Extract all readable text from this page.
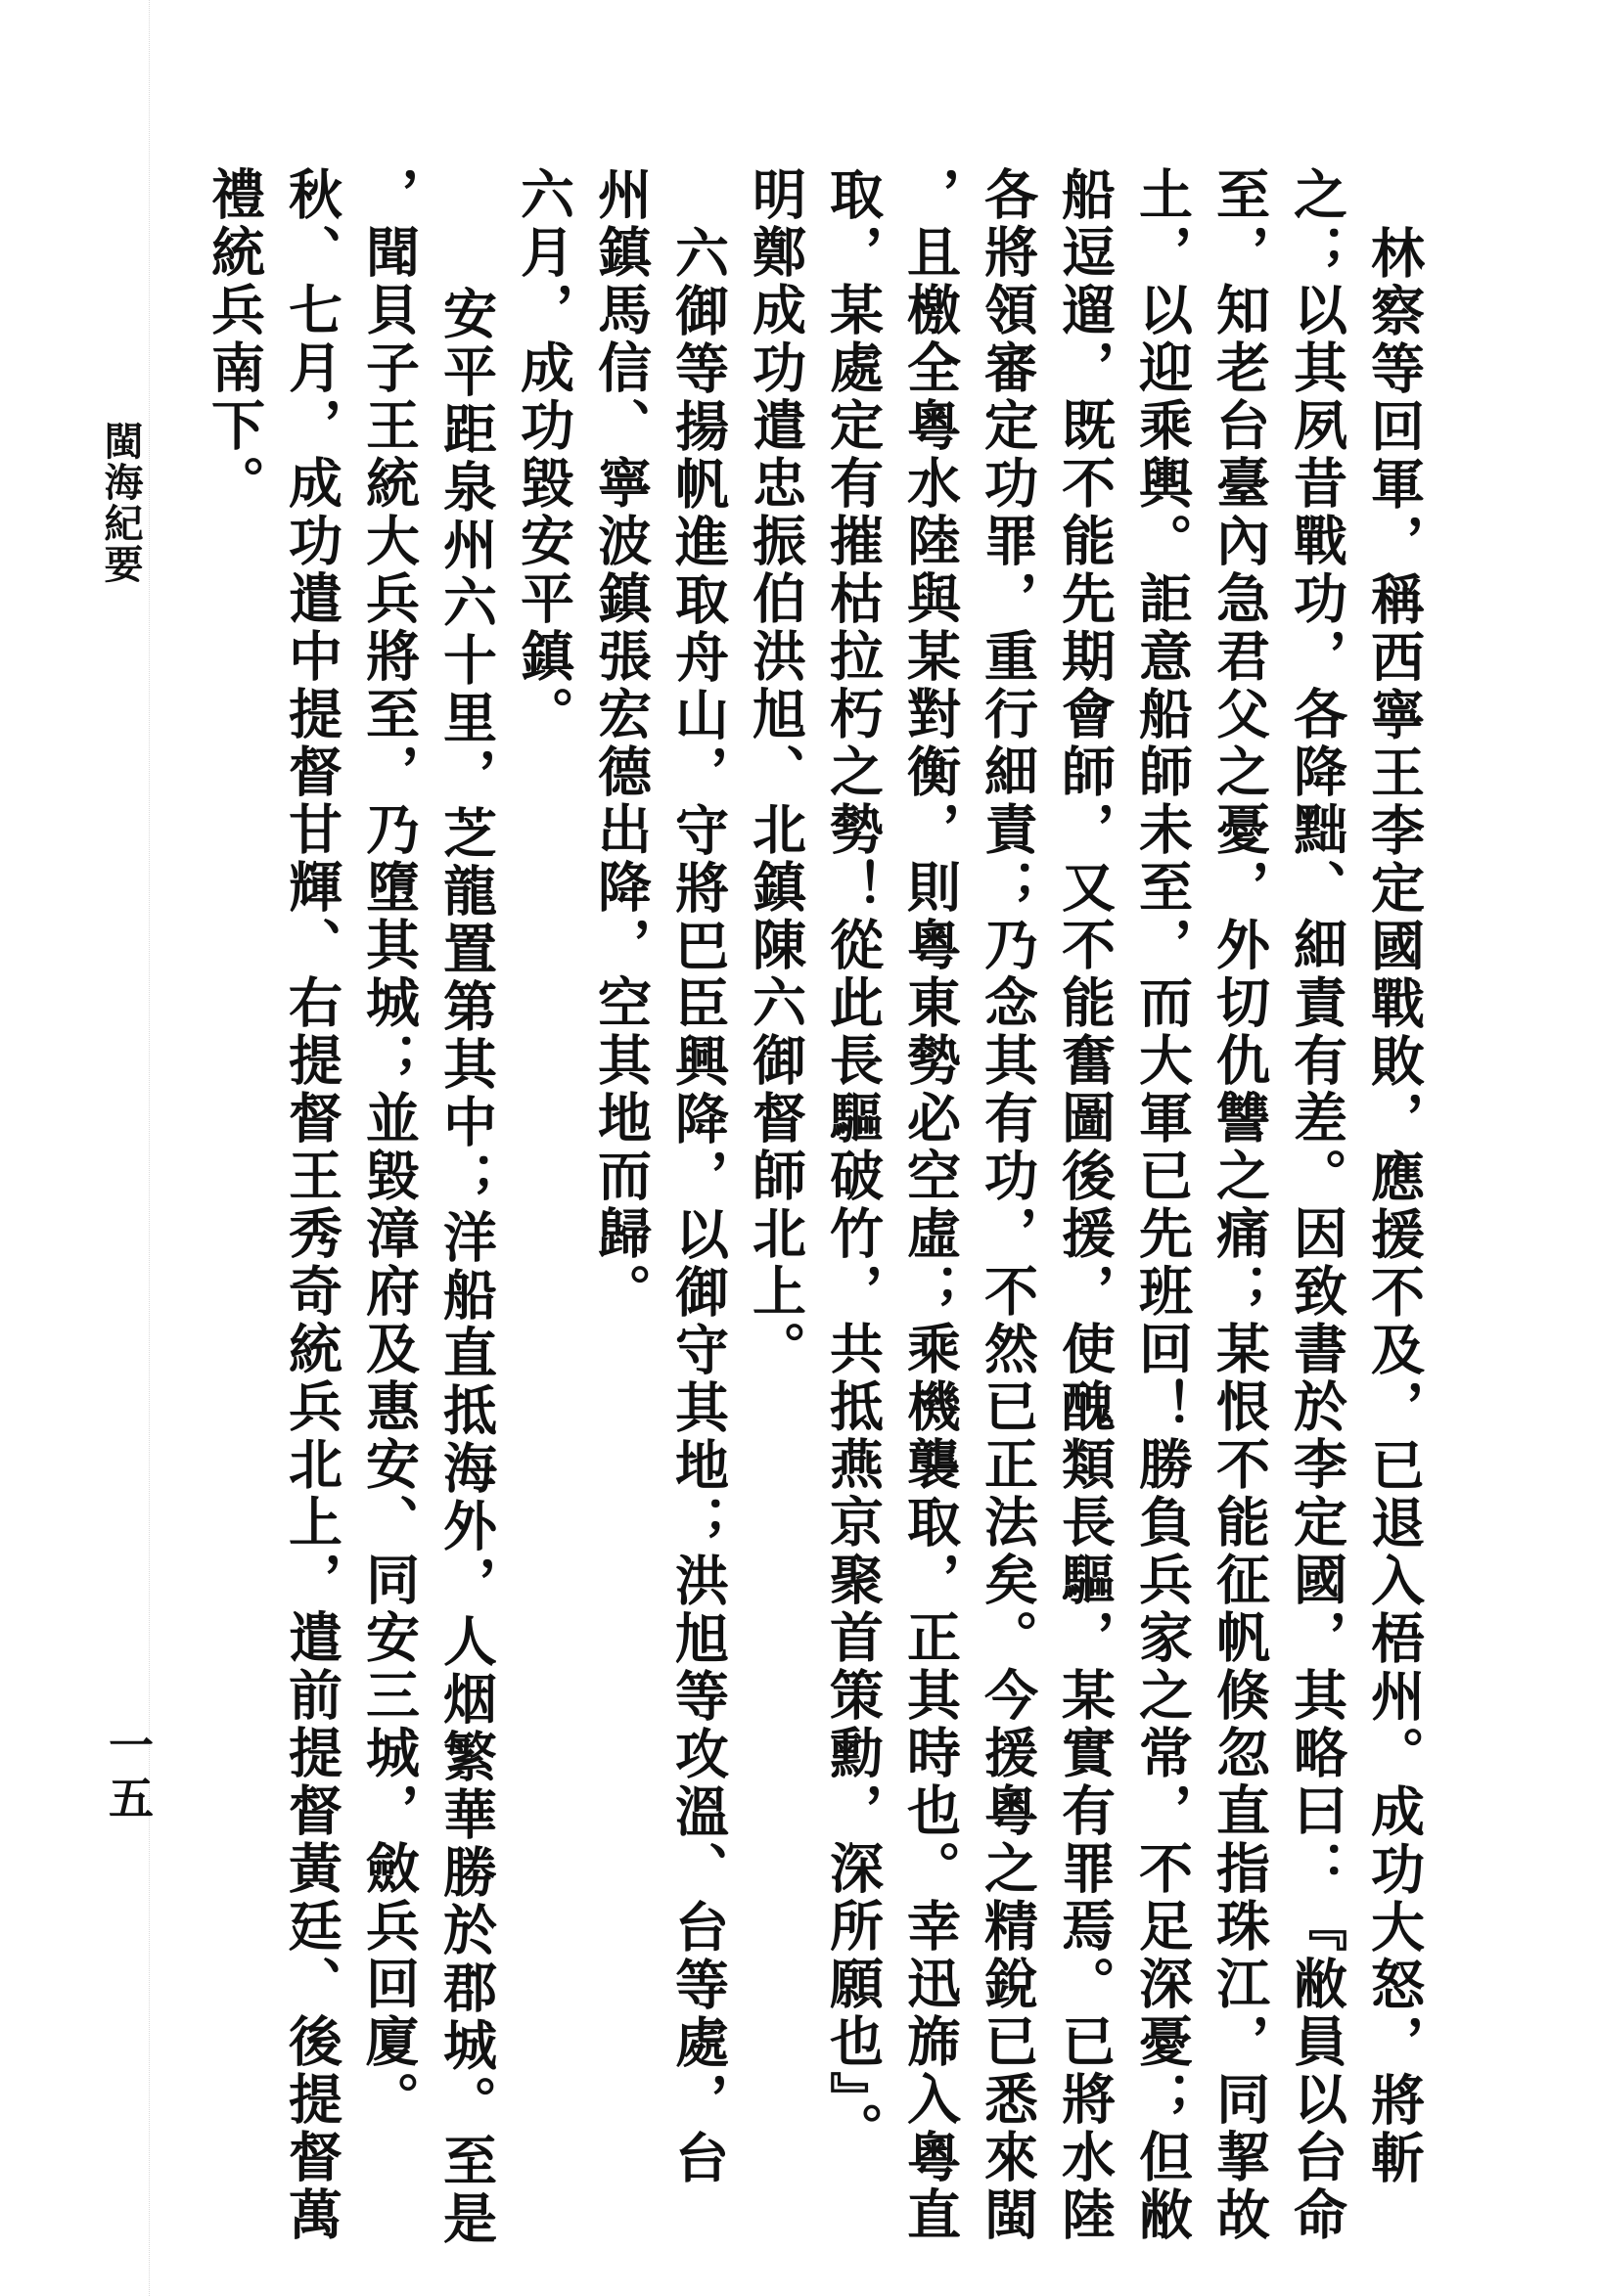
林察等回軍，稱西寧王李定國戰敗，應援不及，已退入梧州。成功大怒，將斬
之；以其夙昔戰功，各降黜、細責有差。因致書於李定國，其略曰：『敝員以台命
至，知老台臺內急君父之憂，外切仇讐之痛；某恨不能征帆倏忽直指珠江，同挈故
土，以迎乘輿。詎意船師未至，而大軍已先班回！勝負兵家之常，不足深憂；但敝
船逗遛，既不能先期會師，又不能奮圖後援，使醜類長驅，某實有罪焉。已將水陸
各將領審定功罪，重行細責；乃念其有功，不然已正法矣。今援粵之精銳已悉來閩
，且檄全粵水陸與某對衡，則粵東勢必空虛；乘機襲取，正其時也。幸迅旆入粵直
取，某處定有摧枯拉朽之勢！從此長驅破竹，共抵燕京聚首策勳，深所願也』。
明鄭成功遣忠振伯洪旭、北鎮陳六御督師北上。
六御等揚帆進取舟山，守將巴臣興降，以御守其地；洪旭等攻溫、台等處，台
州鎮馬信、寧波鎮張宏德出降，空其地而歸。
六月，成功毀安平鎮。
安平距泉州六十里，芝龍置第其中；洋船直抵海外，人烟繁華勝於郡城。至是
，聞貝子王統大兵將至，乃墮其城；並毀漳府及惠安、同安三城，斂兵回廈。
秋、七月，成功遣中提督甘輝、右提督王秀奇統兵北上，遣前提督黃廷、後提督萬
禮統兵南下。
閩海紀要
一五
